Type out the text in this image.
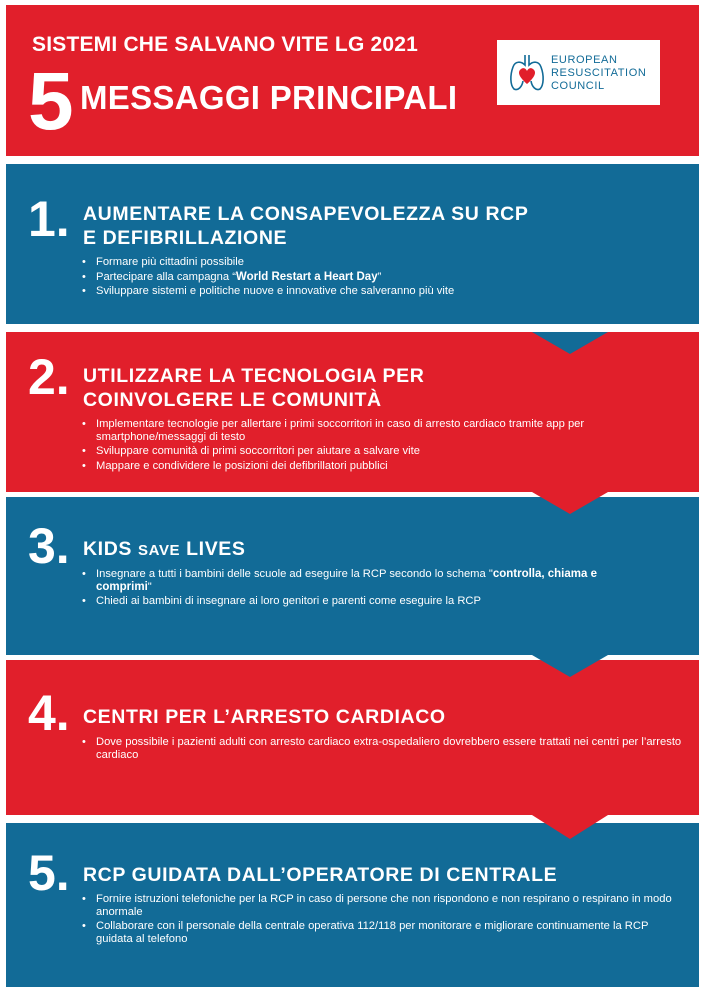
SISTEMI CHE SALVANO VITE LG 2021
5 MESSAGGI PRINCIPALI
EUROPEAN
RESUSCITATION
COUNCIL
1. AUMENTARE LA CONSAPEVOLEZZA SU RCP
E DEFIBRILLAZIONE
• Formare più cittadini possibile
• Partecipare alla campagna “World Restart a Heart Day”
• Sviluppare sistemi e politiche nuove e innovative che salveranno più vite
2. UTILIZZARE LA TECNOLOGIA PER
COINVOLGERE LE COMUNITÀ
• Implementare tecnologie per allertare i primi soccorritori in caso di arresto cardiaco tramite app per smartphone/messaggi di testo
• Sviluppare comunità di primi soccorritori per aiutare a salvare vite
• Mappare e condividere le posizioni dei defibrillatori pubblici
3. KIDS SAVE LIVES
• Insegnare a tutti i bambini delle scuole ad eseguire la RCP secondo lo schema "controlla, chiama e comprimi"
• Chiedi ai bambini di insegnare ai loro genitori e parenti come eseguire la RCP
4. CENTRI PER L’ARRESTO CARDIACO
• Dove possibile i pazienti adulti con arresto cardiaco extra-ospedaliero dovrebbero essere trattati nei centri per l’arresto cardiaco
5. RCP GUIDATA DALL’OPERATORE DI CENTRALE
• Fornire istruzioni telefoniche per la RCP in caso di persone che non rispondono e non respirano o respirano in modo anormale
• Collaborare con il personale della centrale operativa 112/118 per monitorare e migliorare continuamente la RCP guidata al telefono
